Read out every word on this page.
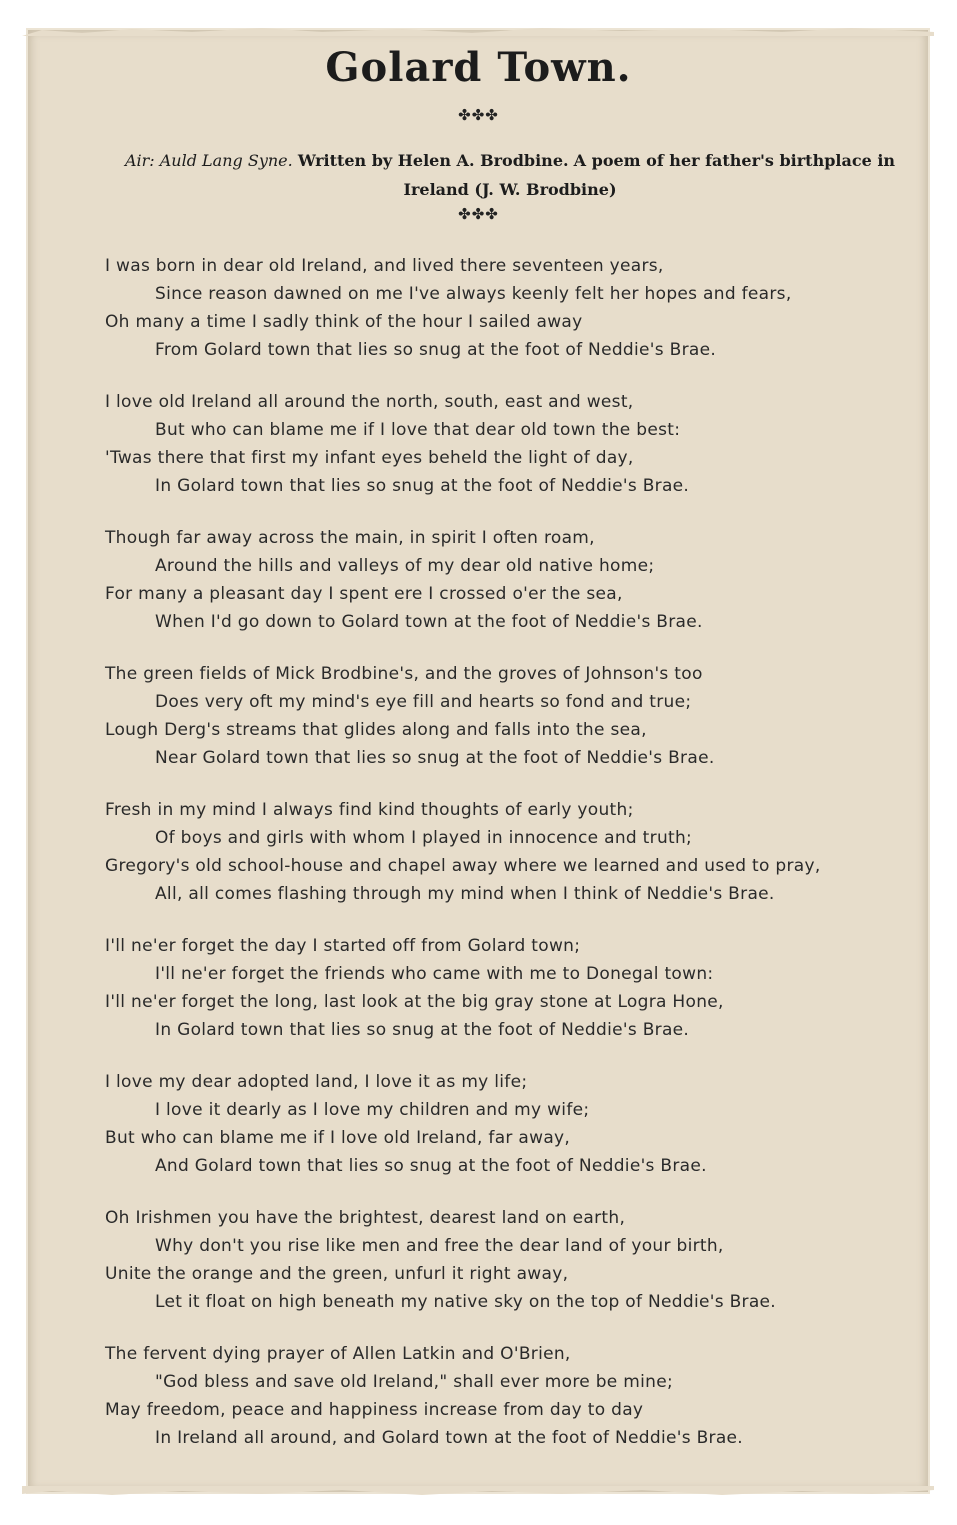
Golard Town.
✤✤✤
Air: Auld Lang Syne. Written by Helen A. Brodbine. A poem of her father's birthplace in Ireland (J. W. Brodbine)
✤✤✤
I was born in dear old Ireland, and lived there seventeen years,
Since reason dawned on me I've always keenly felt her hopes and fears,
Oh many a time I sadly think of the hour I sailed away
From Golard town that lies so snug at the foot of Neddie's Brae.
I love old Ireland all around the north, south, east and west,
But who can blame me if I love that dear old town the best:
'Twas there that first my infant eyes beheld the light of day,
In Golard town that lies so snug at the foot of Neddie's Brae.
Though far away across the main, in spirit I often roam,
Around the hills and valleys of my dear old native home;
For many a pleasant day I spent ere I crossed o'er the sea,
When I'd go down to Golard town at the foot of Neddie's Brae.
The green fields of Mick Brodbine's, and the groves of Johnson's too
Does very oft my mind's eye fill and hearts so fond and true;
Lough Derg's streams that glides along and falls into the sea,
Near Golard town that lies so snug at the foot of Neddie's Brae.
Fresh in my mind I always find kind thoughts of early youth;
Of boys and girls with whom I played in innocence and truth;
Gregory's old school-house and chapel away where we learned and used to pray,
All, all comes flashing through my mind when I think of Neddie's Brae.
I'll ne'er forget the day I started off from Golard town;
I'll ne'er forget the friends who came with me to Donegal town:
I'll ne'er forget the long, last look at the big gray stone at Logra Hone,
In Golard town that lies so snug at the foot of Neddie's Brae.
I love my dear adopted land, I love it as my life;
I love it dearly as I love my children and my wife;
But who can blame me if I love old Ireland, far away,
And Golard town that lies so snug at the foot of Neddie's Brae.
Oh Irishmen you have the brightest, dearest land on earth,
Why don't you rise like men and free the dear land of your birth,
Unite the orange and the green, unfurl it right away,
Let it float on high beneath my native sky on the top of Neddie's Brae.
The fervent dying prayer of Allen Latkin and O'Brien,
"God bless and save old Ireland," shall ever more be mine;
May freedom, peace and happiness increase from day to day
In Ireland all around, and Golard town at the foot of Neddie's Brae.
